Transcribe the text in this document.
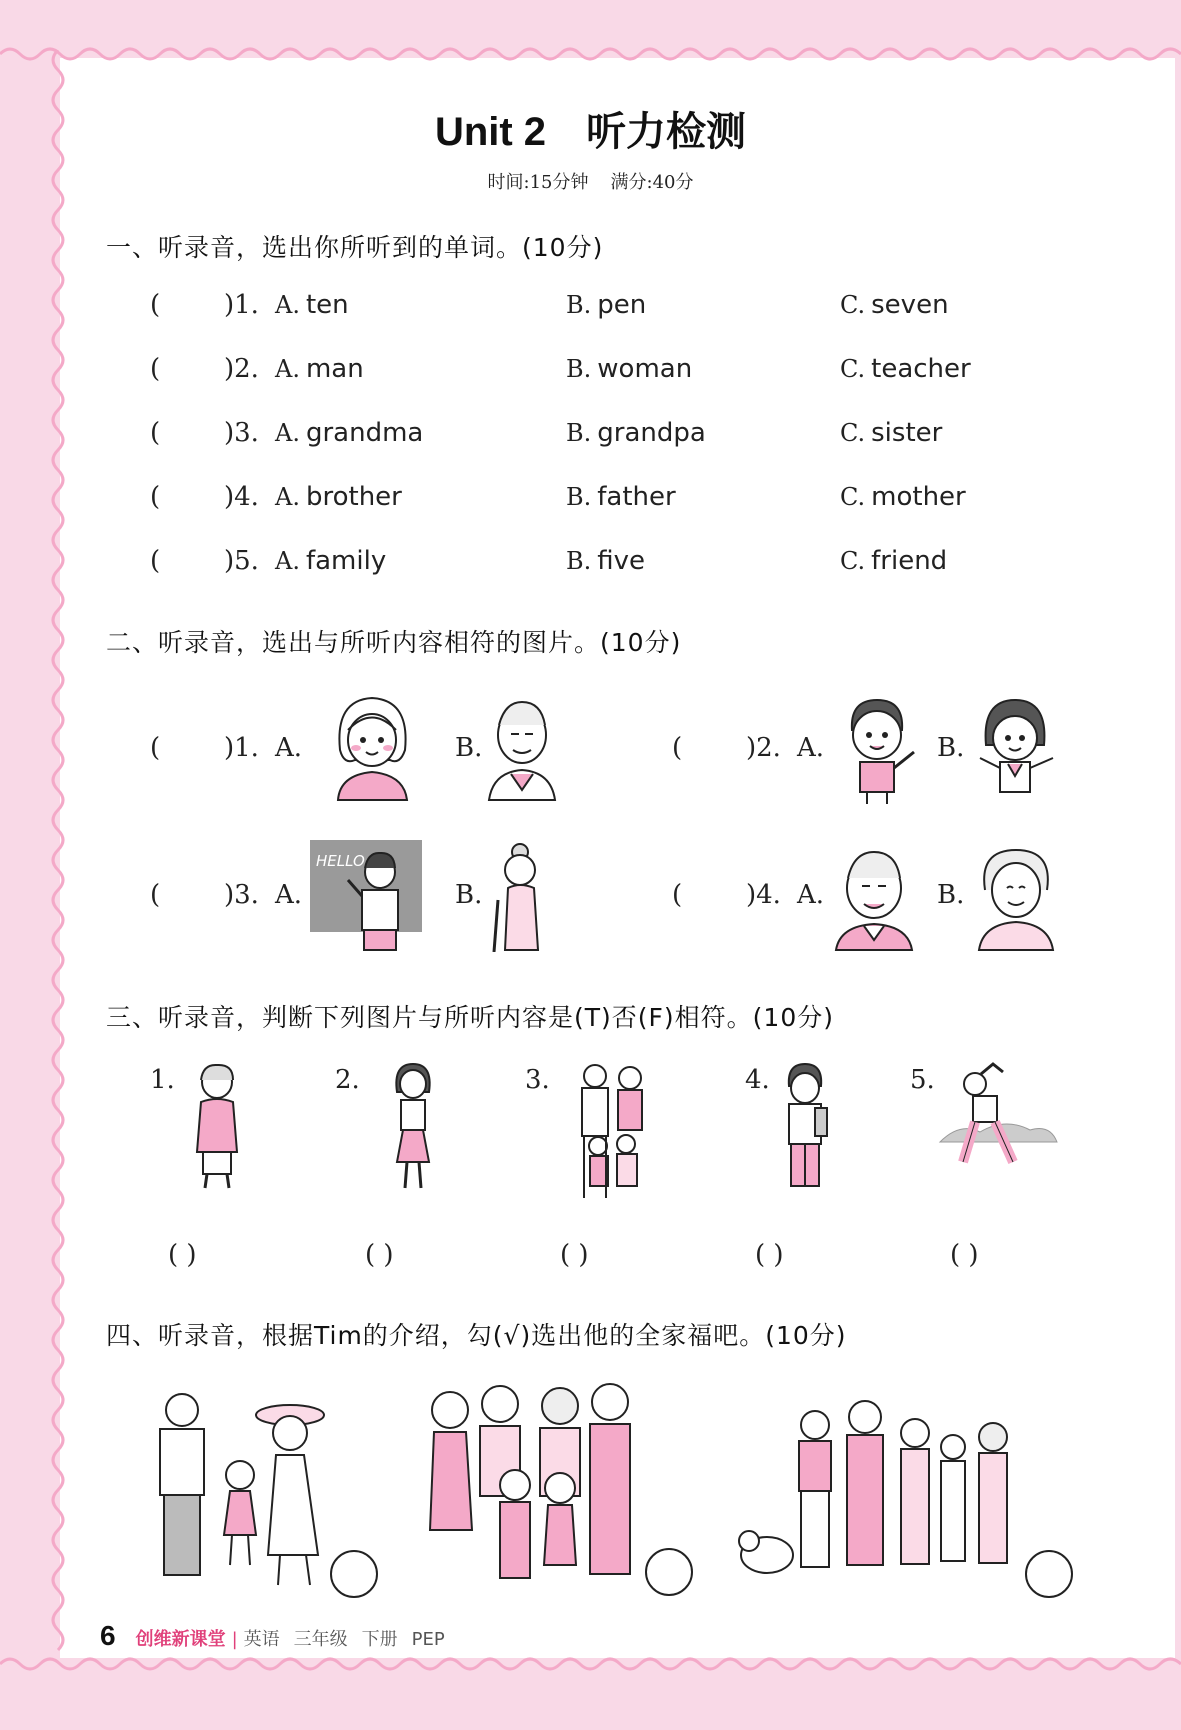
Unit 2 听力检测
时间:15分钟 满分:40分
一、听录音，选出你所听到的单词。(10分)
( )1. A. ten	B. pen	C. seven
( )2. A. man	B. woman	C. teacher
( )3. A. grandma	B. grandpa	C. sister
( )4. A. brother	B. father	C. mother
( )5. A. family	B. five	C. friend
二、听录音，选出与所听内容相符的图片。(10分)
( )1. A.	B.	( )2. A.	B.
( )3. A.
HELLO
B.	( )4. A.	B.
三、听录音，判断下列图片与所听内容是(T)否(F)相符。(10分)
1.	2.	3.	4.	5.
( )	( )	( )	( )	( )
四、听录音，根据Tim的介绍，勾(√)选出他的全家福吧。(10分)
6 创维新课堂 | 英语 三年级 下册 PEP
